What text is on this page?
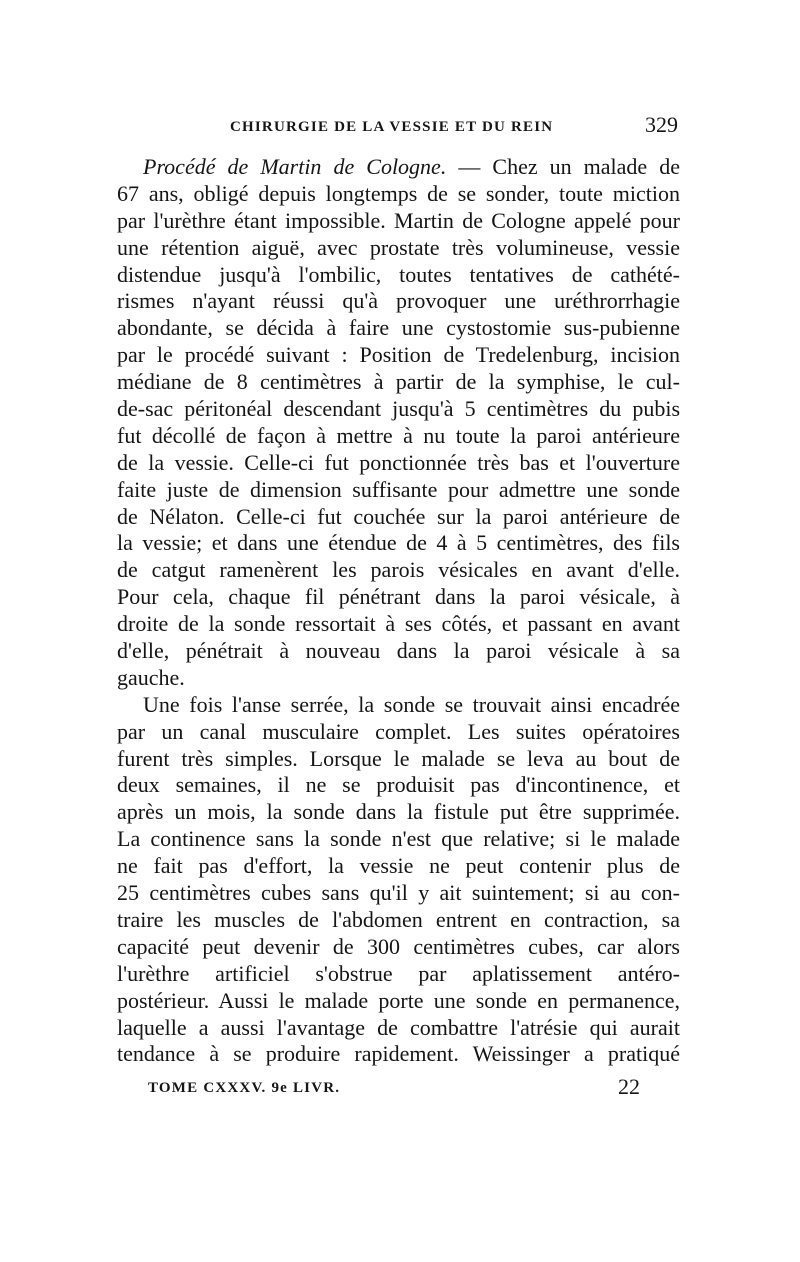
CHIRURGIE DE LA VESSIE ET DU REIN	329
Procédé de Martin de Cologne. — Chez un malade de
67 ans, obligé depuis longtemps de se sonder, toute miction
par l'urèthre étant impossible. Martin de Cologne appelé pour
une rétention aiguë, avec prostate très volumineuse, vessie
distendue jusqu'à l'ombilic, toutes tentatives de cathété-
rismes n'ayant réussi qu'à provoquer une uréthrorrhagie
abondante, se décida à faire une cystostomie sus-pubienne
par le procédé suivant : Position de Tredelenburg, incision
médiane de 8 centimètres à partir de la symphise, le cul-
de-sac péritonéal descendant jusqu'à 5 centimètres du pubis
fut décollé de façon à mettre à nu toute la paroi antérieure
de la vessie. Celle-ci fut ponctionnée très bas et l'ouverture
faite juste de dimension suffisante pour admettre une sonde
de Nélaton. Celle-ci fut couchée sur la paroi antérieure de
la vessie; et dans une étendue de 4 à 5 centimètres, des fils
de catgut ramenèrent les parois vésicales en avant d'elle.
Pour cela, chaque fil pénétrant dans la paroi vésicale, à
droite de la sonde ressortait à ses côtés, et passant en avant
d'elle, pénétrait à nouveau dans la paroi vésicale à sa
gauche.
Une fois l'anse serrée, la sonde se trouvait ainsi encadrée
par un canal musculaire complet. Les suites opératoires
furent très simples. Lorsque le malade se leva au bout de
deux semaines, il ne se produisit pas d'incontinence, et
après un mois, la sonde dans la fistule put être supprimée.
La continence sans la sonde n'est que relative; si le malade
ne fait pas d'effort, la vessie ne peut contenir plus de
25 centimètres cubes sans qu'il y ait suintement; si au con-
traire les muscles de l'abdomen entrent en contraction, sa
capacité peut devenir de 300 centimètres cubes, car alors
l'urèthre artificiel s'obstrue par aplatissement antéro-
postérieur. Aussi le malade porte une sonde en permanence,
laquelle a aussi l'avantage de combattre l'atrésie qui aurait
tendance à se produire rapidement. Weissinger a pratiqué
TOME CXXXV. 9e LIVR.	22
